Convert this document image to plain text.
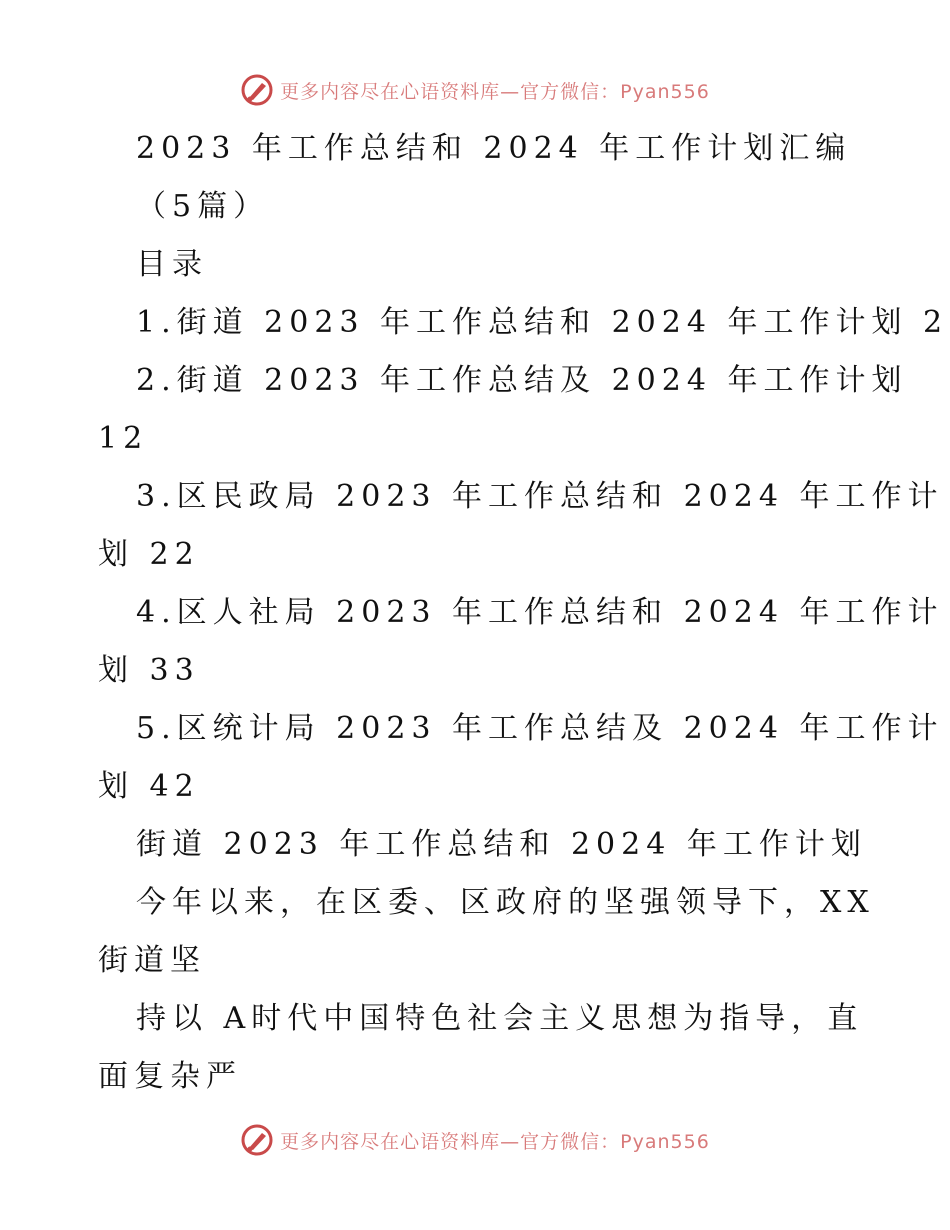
更多内容尽在心语资料库—官方微信：Pyan556
2023 年工作总结和 2024 年工作计划汇编
（5篇）
目录
1.街道 2023 年工作总结和 2024 年工作计划 2
2.街道 2023 年工作总结及 2024 年工作计划
12
3.区民政局 2023 年工作总结和 2024 年工作计
划 22
4.区人社局 2023 年工作总结和 2024 年工作计
划 33
5.区统计局 2023 年工作总结及 2024 年工作计
划 42
街道 2023 年工作总结和 2024 年工作计划
今年以来，在区委、区政府的坚强领导下，XX
街道坚
持以 A时代中国特色社会主义思想为指导，直
面复杂严
更多内容尽在心语资料库—官方微信：Pyan556
